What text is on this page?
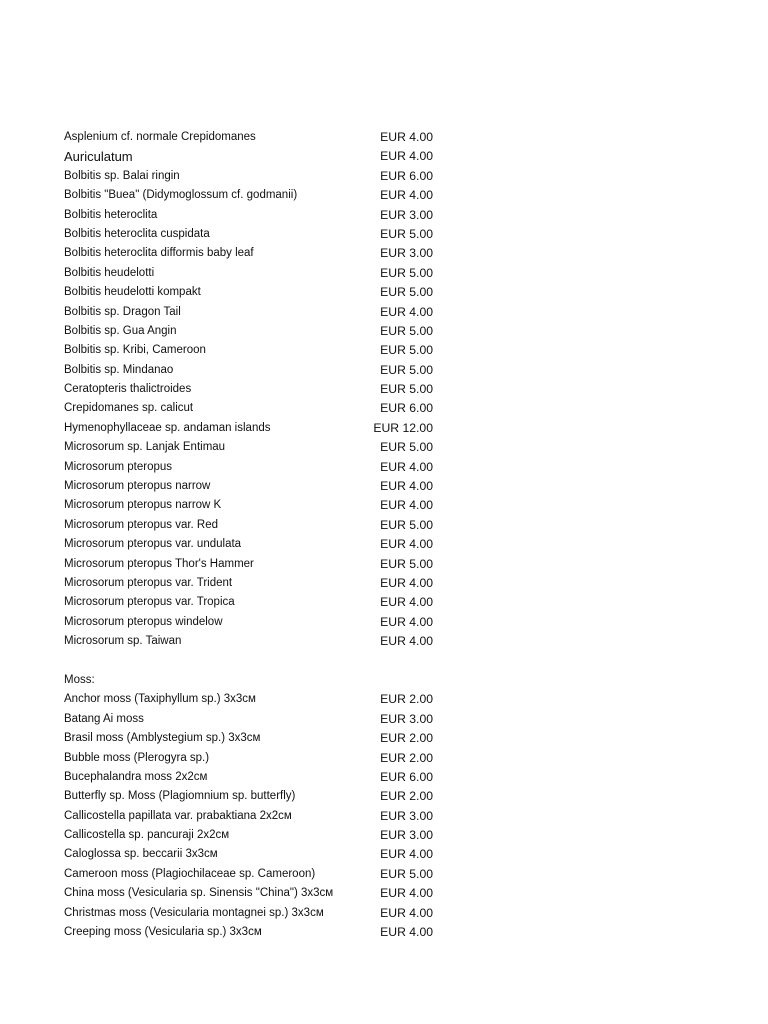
Asplenium cf. normale Crepidomanes	EUR 4.00
Auriculatum	EUR 4.00
Bolbitis sp. Balai ringin	EUR 6.00
Bolbitis "Buea" (Didymoglossum cf. godmanii)	EUR 4.00
Bolbitis heteroclita	EUR 3.00
Bolbitis heteroclita cuspidata	EUR 5.00
Bolbitis heteroclita difformis baby leaf	EUR 3.00
Bolbitis heudelotti	EUR 5.00
Bolbitis heudelotti kompakt	EUR 5.00
Bolbitis sp. Dragon Tail	EUR 4.00
Bolbitis sp. Gua Angin	EUR 5.00
Bolbitis sp. Kribi, Cameroon	EUR 5.00
Bolbitis sp. Mindanao	EUR 5.00
Ceratopteris thalictroides	EUR 5.00
Crepidomanes sp. calicut	EUR 6.00
Hymenophyllaceae sp. andaman islands	EUR 12.00
Microsorum sp. Lanjak Entimau	EUR 5.00
Microsorum pteropus	EUR 4.00
Microsorum pteropus narrow	EUR 4.00
Microsorum pteropus narrow K	EUR 4.00
Microsorum pteropus var. Red	EUR 5.00
Microsorum pteropus var. undulata	EUR 4.00
Microsorum pteropus Thor's Hammer	EUR 5.00
Microsorum pteropus var. Trident	EUR 4.00
Microsorum pteropus var. Tropica	EUR 4.00
Microsorum pteropus windelow	EUR 4.00
Microsorum sp. Taiwan	EUR 4.00
Moss:
Anchor moss (Taxiphyllum sp.) 3x3см	EUR 2.00
Batang Ai moss	EUR 3.00
Brasil moss (Amblystegium sp.) 3x3см	EUR 2.00
Bubble moss (Plerogyra sp.)	EUR 2.00
Bucephalandra moss 2x2см	EUR 6.00
Butterfly sp. Moss (Plagiomnium sp. butterfly)	EUR 2.00
Callicostella papillata var. prabaktiana 2x2см	EUR 3.00
Callicostella sp. pancuraji 2x2см	EUR 3.00
Caloglossa sp. beccarii 3x3см	EUR 4.00
Cameroon moss (Plagiochilaceae sp. Cameroon)	EUR 5.00
China moss (Vesicularia sp. Sinensis "China") 3x3см	EUR 4.00
Christmas moss (Vesicularia montagnei sp.) 3x3см	EUR 4.00
Creeping moss (Vesicularia sp.) 3x3см	EUR 4.00
